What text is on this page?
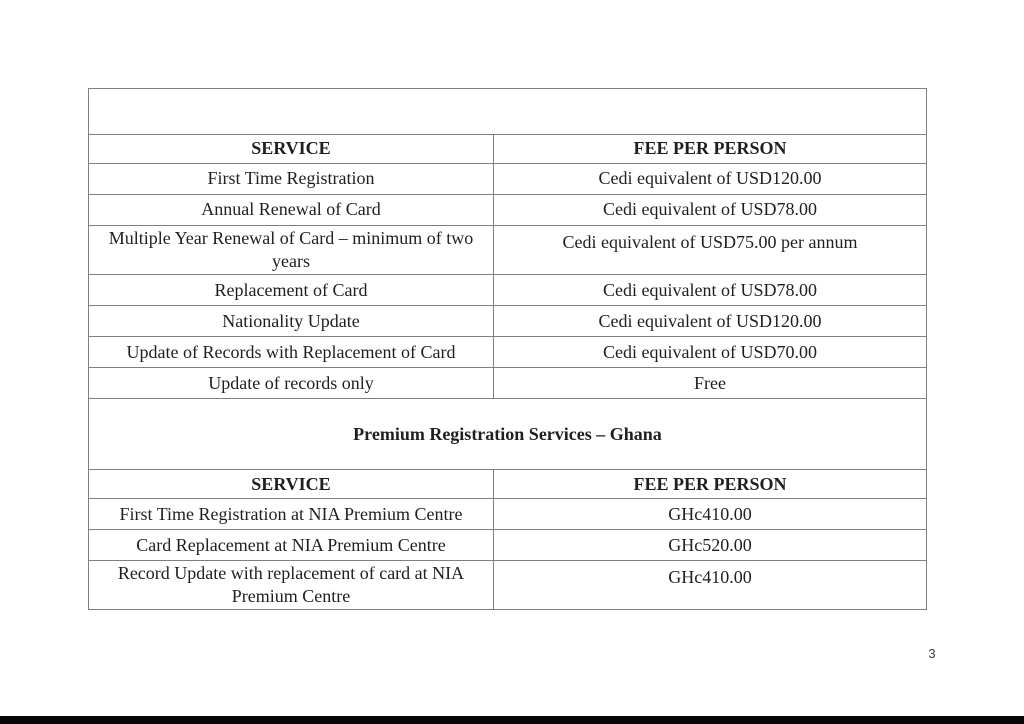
SERVICE	FEE PER PERSON
First Time Registration	Cedi equivalent of USD120.00
Annual Renewal of Card	Cedi equivalent of USD78.00
Multiple Year Renewal of Card – minimum of two years	Cedi equivalent of USD75.00 per annum
Replacement of Card	Cedi equivalent of USD78.00
Nationality Update	Cedi equivalent of USD120.00
Update of Records with Replacement of Card	Cedi equivalent of USD70.00
Update of records only	Free
Premium Registration Services – Ghana	
SERVICE	FEE PER PERSON
First Time Registration at NIA Premium Centre	GHc410.00
Card Replacement at NIA Premium Centre	GHc520.00
Record Update with replacement of card at NIA Premium Centre	GHc410.00
3
